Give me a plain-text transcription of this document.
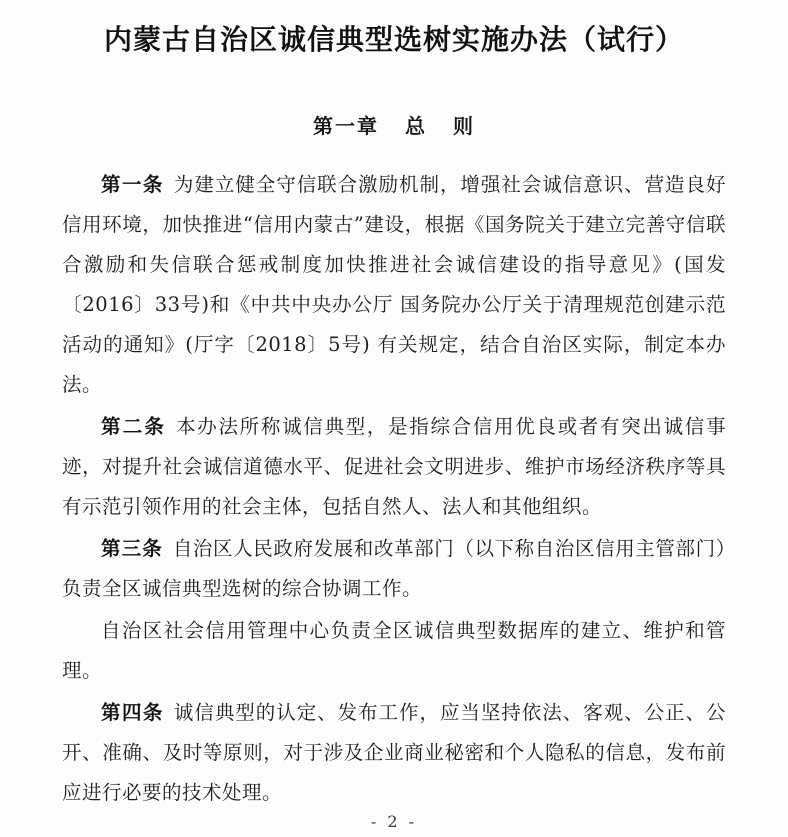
内蒙古自治区诚信典型选树实施办法（试行）
第一章 总 则

第一条 为建立健全守信联合激励机制，增强社会诚信意识、营造良好信用环境，加快推进“信用内蒙古”建设，根据《国务院关于建立完善守信联合激励和失信联合惩戒制度加快推进社会诚信建设的指导意见》(国发〔2016〕33号)和《中共中央办公厅 国务院办公厅关于清理规范创建示范活动的通知》(厅字〔2018〕5号) 有关规定，结合自治区实际，制定本办法。

第二条 本办法所称诚信典型，是指综合信用优良或者有突出诚信事迹，对提升社会诚信道德水平、促进社会文明进步、维护市场经济秩序等具有示范引领作用的社会主体，包括自然人、法人和其他组织。

第三条 自治区人民政府发展和改革部门（以下称自治区信用主管部门）负责全区诚信典型选树的综合协调工作。

自治区社会信用管理中心负责全区诚信典型数据库的建立、维护和管理。

第四条 诚信典型的认定、发布工作，应当坚持依法、客观、公正、公开、准确、及时等原则，对于涉及企业商业秘密和个人隐私的信息，发布前应进行必要的技术处理。

- 2 -
